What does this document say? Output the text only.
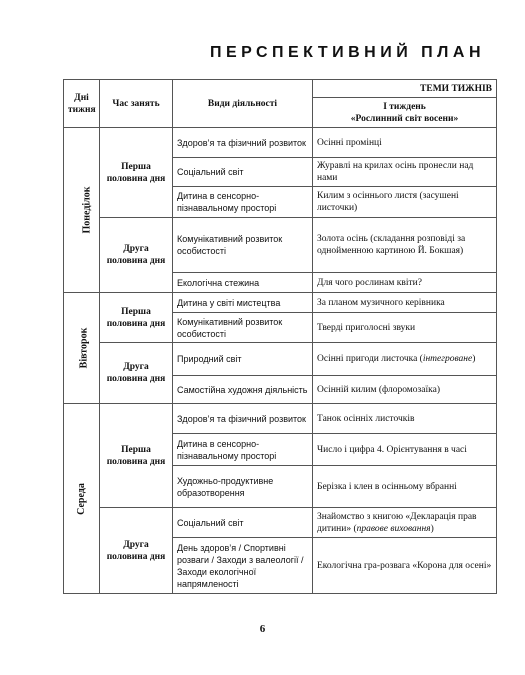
ПЕРСПЕКТИВНИЙ ПЛАН
Дні тижня	Час занять	Види діяльності	ТЕМИ ТИЖНІВ

			І тиждень
«Рослинний світ восени»

Понеділок	Перша половина дня	Здоров’я та фізичний розвиток	Осінні промінці
		Соціальний світ	Журавлі на крилах осінь пронесли над нами
		Дитина в сенсорно-пізнавальному просторі	Килим з осіннього листя (засушені листочки)
	Друга половина дня	Комунікативний розвиток особистості	Золота осінь (складання розповіді за однойменною картиною Й. Бокшая)
		Екологічна стежина	Для чого рослинам квіти?
Вівторок	Перша половина дня	Дитина у світі мистецтва	За планом музичного керівника
		Комунікативний розвиток особистості	Тверді приголосні звуки
	Друга половина дня	Природний світ	Осінні пригоди листочка (інтегроване)
		Самостійна художня діяльність	Осінній килим (флоромозаїка)
Середа	Перша половина дня	Здоров’я та фізичний розвиток	Танок осінніх листочків
		Дитина в сенсорно-пізнавальному просторі	Число і цифра 4. Орієнтування в часі
		Художньо-продуктивне образотворення	Берізка і клен в осінньому вбранні
	Друга половина дня	Соціальний світ	Знайомство з книгою «Декларація прав дитини» (правове виховання)
		День здоров’я / Спортивні розваги / Заходи з валеології / Заходи екологічної напрямленості	Екологічна гра-розвага «Корона для осені»
6
